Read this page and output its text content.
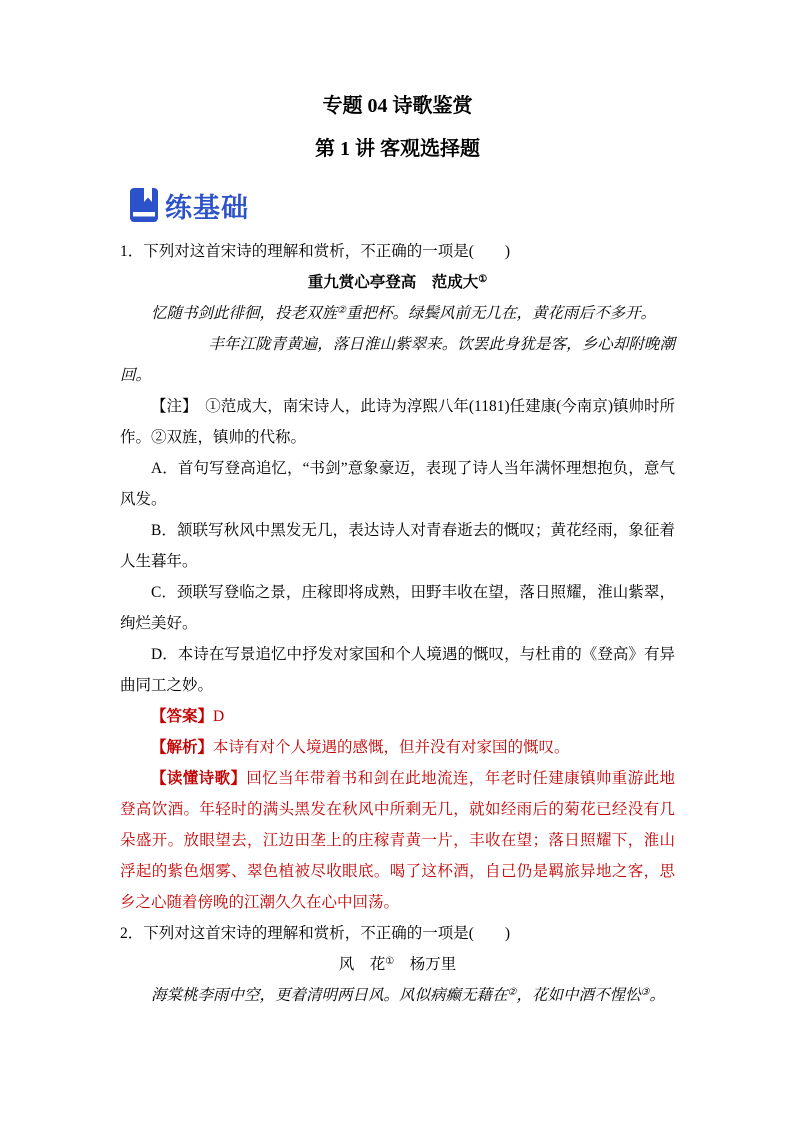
专题 04 诗歌鉴赏
第 1 讲 客观选择题
练基础

1．下列对这首宋诗的理解和赏析，不正确的一项是(　　)

重九赏心亭登高　范成大①

忆随书剑此徘徊，投老双旌②重把杯。绿鬓风前无几在，黄花雨后不多开。

丰年江陇青黄遍，落日淮山紫翠来。饮罢此身犹是客，乡心却附晚潮回。

【注】　①范成大，南宋诗人，此诗为淳熙八年(1181)任建康(今南京)镇帅时所作。②双旌，镇帅的代称。

A．首句写登高追忆，“书剑”意象豪迈，表现了诗人当年满怀理想抱负，意气风发。

B．颔联写秋风中黑发无几，表达诗人对青春逝去的慨叹；黄花经雨，象征着人生暮年。

C．颈联写登临之景，庄稼即将成熟，田野丰收在望，落日照耀，淮山紫翠，绚烂美好。

D．本诗在写景追忆中抒发对家国和个人境遇的慨叹，与杜甫的《登高》有异曲同工之妙。

【答案】D

【解析】本诗有对个人境遇的感慨，但并没有对家国的慨叹。

【读懂诗歌】回忆当年带着书和剑在此地流连，年老时任建康镇帅重游此地登高饮酒。年轻时的满头黑发在秋风中所剩无几，就如经雨后的菊花已经没有几朵盛开。放眼望去，江边田垄上的庄稼青黄一片，丰收在望；落日照耀下，淮山浮起的紫色烟雾、翠色植被尽收眼底。喝了这杯酒，自己仍是羁旅异地之客，思乡之心随着傍晚的江潮久久在心中回荡。

2．下列对这首宋诗的理解和赏析，不正确的一项是(　　)

风　花①　杨万里

海棠桃李雨中空，更着清明两日风。风似病癫无藉在②，花如中酒不惺忪③。
